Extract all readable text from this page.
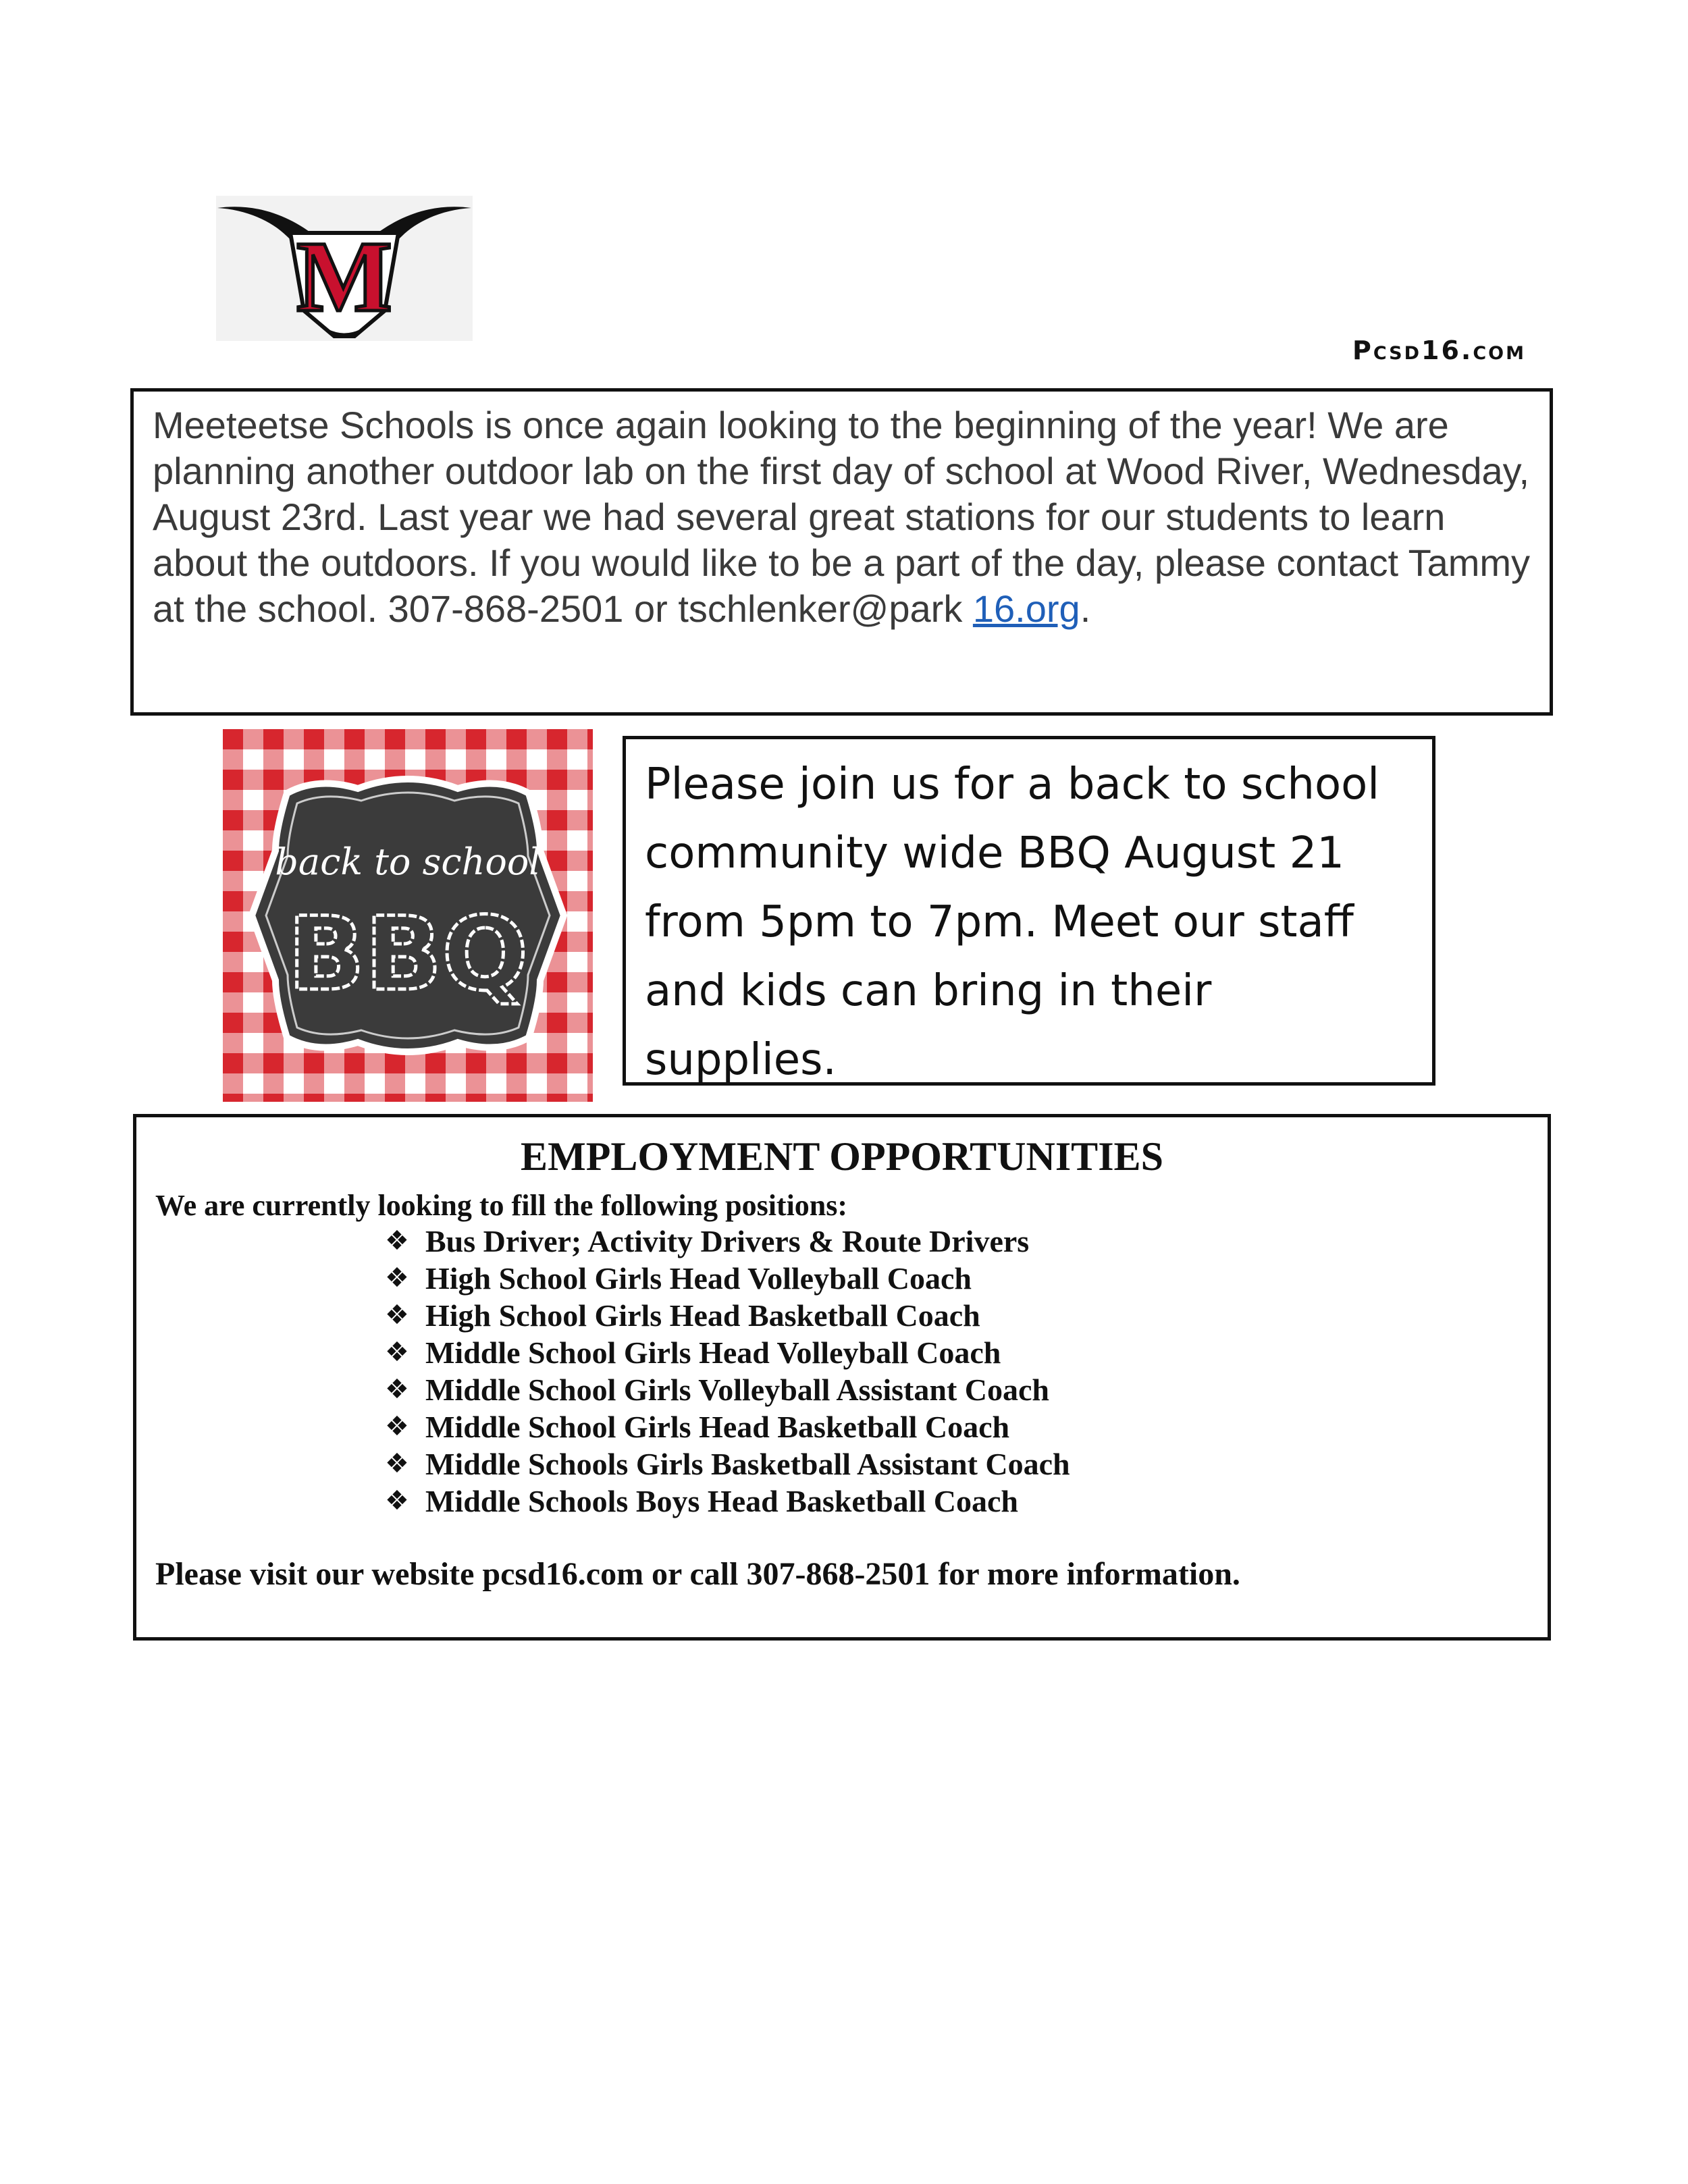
M
Pcsd16.com
Meeteetse Schools is once again looking to the beginning of the year! We are planning another outdoor lab on the first day of school at Wood River, Wednesday, August 23rd. Last year we had several great stations for our students to learn about the outdoors. If you would like to be a part of the day, please contact Tammy at the school. 307-868-2501 or tschlenker@park 16.org.
back to school
BBQ
Please join us for a back to school community wide BBQ August 21 from 5pm to 7pm. Meet our staff and kids can bring in their supplies.
EMPLOYMENT OPPORTUNITIES
We are currently looking to fill the following positions:
❖ Bus Driver; Activity Drivers & Route Drivers
❖ High School Girls Head Volleyball Coach
❖ High School Girls Head Basketball Coach
❖ Middle School Girls Head Volleyball Coach
❖ Middle School Girls Volleyball Assistant Coach
❖ Middle School Girls Head Basketball Coach
❖ Middle Schools Girls Basketball Assistant Coach
❖ Middle Schools Boys Head Basketball Coach
Please visit our website pcsd16.com or call 307-868-2501 for more information.
